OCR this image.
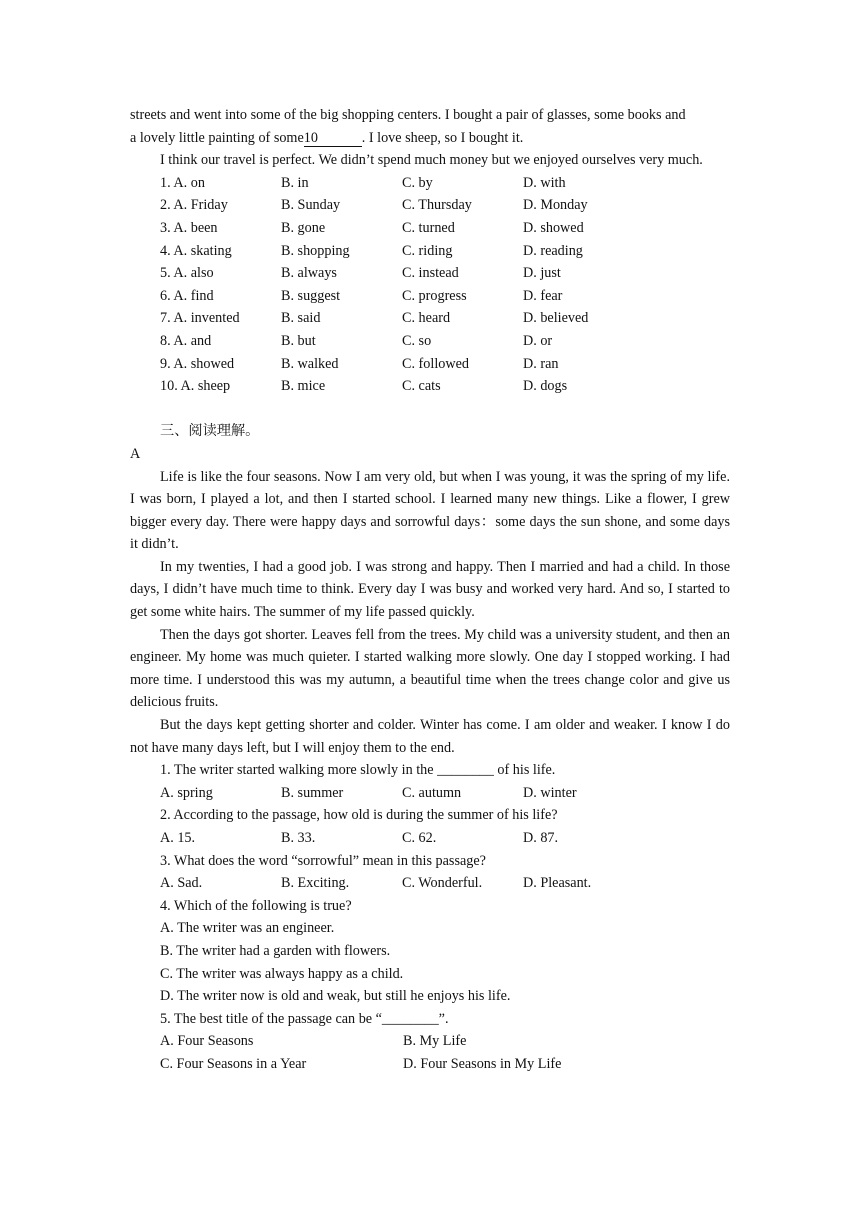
streets and went into some of the big shopping centers. I bought a pair of glasses, some books and

a lovely little painting of some10	. I love sheep, so I bought it.

I think our travel is perfect. We didn’t spend much money but we enjoyed ourselves very much.

1. A. on	B. in	C. by	D. with
2. A. Friday	B. Sunday	C. Thursday	D. Monday
3. A. been	B. gone	C. turned	D. showed
4. A. skating	B. shopping	C. riding	D. reading
5. A. also	B. always	C. instead	D. just
6. A. find	B. suggest	C. progress	D. fear
7. A. invented	B. said	C. heard	D. believed
8. A. and	B. but	C. so	D. or
9. A. showed	B. walked	C. followed	D. ran
10. A. sheep	B. mice	C. cats	D. dogs

三、阅读理解。

A

Life is like the four seasons. Now I am very old, but when I was young, it was the spring of my life. I was born, I played a lot, and then I started school. I learned many new things. Like a flower, I grew bigger every day. There were happy days and sorrowful days：some days the sun shone, and some days it didn’t.

In my twenties, I had a good job. I was strong and happy. Then I married and had a child. In those days, I didn’t have much time to think. Every day I was busy and worked very hard. And so, I started to get some white hairs. The summer of my life passed quickly.

Then the days got shorter. Leaves fell from the trees. My child was a university student, and then an engineer. My home was much quieter. I started walking more slowly. One day I stopped working. I had more time. I understood this was my autumn, a beautiful time when the trees change color and give us delicious fruits.

But the days kept getting shorter and colder. Winter has come. I am older and weaker. I know I do not have many days left, but I will enjoy them to the end.

1. The writer started walking more slowly in the ________ of his life.

A. spring	B. summer	C. autumn	D. winter

2. According to the passage, how old is during the summer of his life?

A. 15.	B. 33.	C. 62.	D. 87.

3. What does the word “sorrowful” mean in this passage?

A. Sad.	B. Exciting.	C. Wonderful.	D. Pleasant.

4. Which of the following is true?

A. The writer was an engineer.

B. The writer had a garden with flowers.

C. The writer was always happy as a child.

D. The writer now is old and weak, but still he enjoys his life.

5. The best title of the passage can be “________”.

A. Four Seasons	B. My Life
C. Four Seasons in a Year	D. Four Seasons in My Life
